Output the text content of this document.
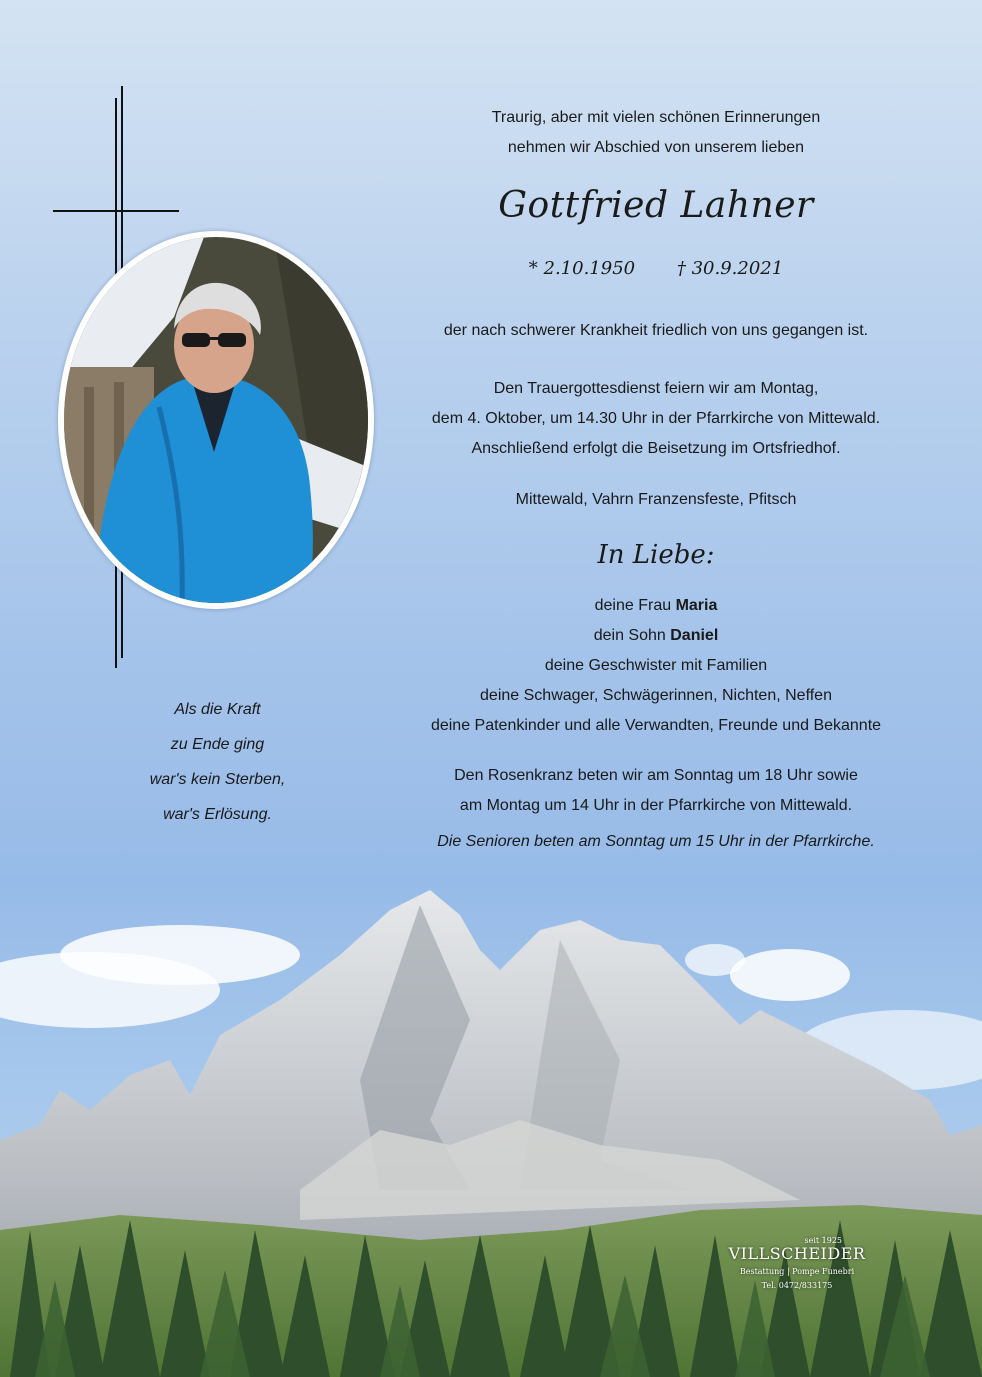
Traurig, aber mit vielen schönen Erinnerungen
nehmen wir Abschied von unserem lieben
Gottfried Lahner
* 2.10.1950 † 30.9.2021
der nach schwerer Krankheit friedlich von uns gegangen ist.
Den Trauergottesdienst feiern wir am Montag,
dem 4. Oktober, um 14.30 Uhr in der Pfarrkirche von Mittewald.
Anschließend erfolgt die Beisetzung im Ortsfriedhof.
Mittewald, Vahrn Franzensfeste, Pfitsch
In Liebe:
deine Frau Maria
dein Sohn Daniel
deine Geschwister mit Familien
deine Schwager, Schwägerinnen, Nichten, Neffen
deine Patenkinder und alle Verwandten, Freunde und Bekannte
Den Rosenkranz beten wir am Sonntag um 18 Uhr sowie
am Montag um 14 Uhr in der Pfarrkirche von Mittewald.
Die Senioren beten am Sonntag um 15 Uhr in der Pfarrkirche.
Als die Kraft
zu Ende ging
war's kein Sterben,
war's Erlösung.
seit 1925
VILLSCHEIDER
Bestattung | Pompe Funebri
Tel. 0472/833175
